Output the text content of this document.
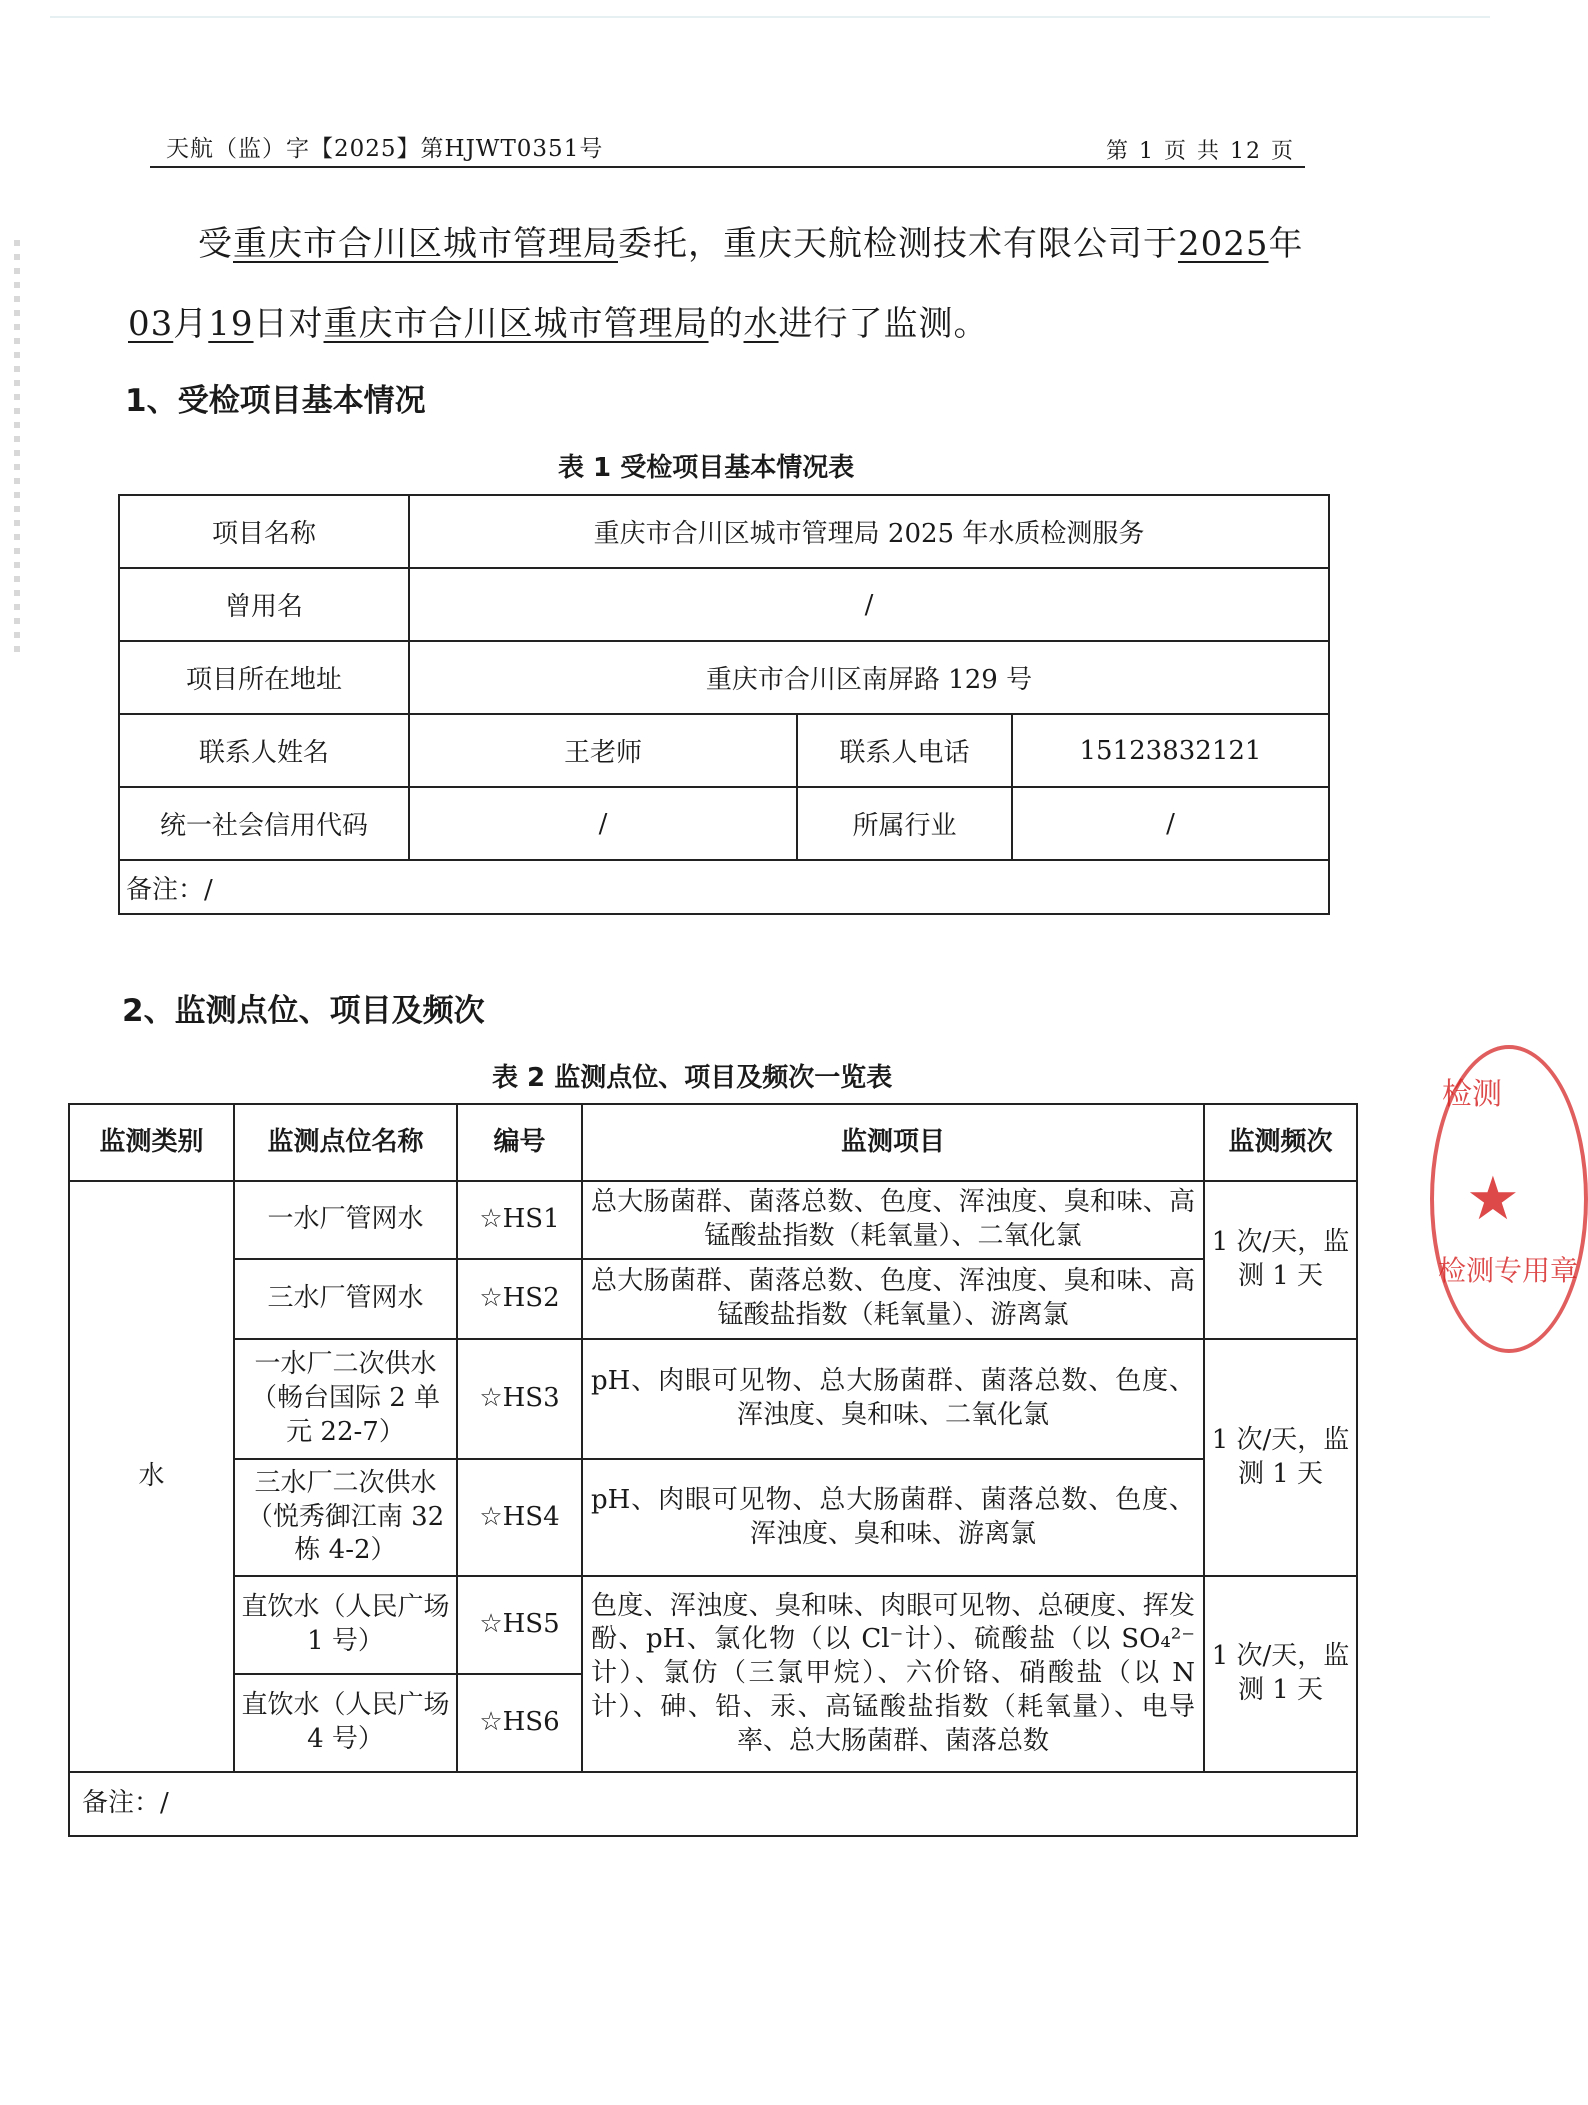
天航（监）字【2025】第HJWT0351号	第 1 页 共 12 页
受重庆市合川区城市管理局委托，重庆天航检测技术有限公司于2025年
03月19日对重庆市合川区城市管理局的水进行了监测。
1、受检项目基本情况
表 1 受检项目基本情况表
项目名称	重庆市合川区城市管理局 2025 年水质检测服务		
曾用名	/		
项目所在地址	重庆市合川区南屏路 129 号		
联系人姓名	王老师	联系人电话	15123832121
统一社会信用代码	/	所属行业	/
备注：/			
2、监测点位、项目及频次
表 2 监测点位、项目及频次一览表
监测类别	监测点位名称	编号	监测项目	监测频次
水	一水厂管网水	☆HS1	总大肠菌群、菌落总数、色度、浑浊度、臭和味、高锰酸盐指数（耗氧量）、二氧化氯	1 次/天，监测 1 天
	三水厂管网水	☆HS2	总大肠菌群、菌落总数、色度、浑浊度、臭和味、高锰酸盐指数（耗氧量）、游离氯	
	一水厂二次供水（畅台国际 2 单元 22-7）	☆HS3	pH、肉眼可见物、总大肠菌群、菌落总数、色度、浑浊度、臭和味、二氧化氯	1 次/天，监测 1 天
	三水厂二次供水（悦秀御江南 32 栋 4-2）	☆HS4	pH、肉眼可见物、总大肠菌群、菌落总数、色度、浑浊度、臭和味、游离氯	
	直饮水（人民广场 1 号）	☆HS5	色度、浑浊度、臭和味、肉眼可见物、总硬度、挥发酚、pH、氯化物（以 Cl⁻计）、硫酸盐（以 SO₄²⁻计）、氯仿（三氯甲烷）、六价铬、硝酸盐（以 N 计）、砷、铅、汞、高锰酸盐指数（耗氧量）、电导率、总大肠菌群、菌落总数	1 次/天，监测 1 天
	直饮水（人民广场 4 号）	☆HS6		
备注：/				
检测
★
检测专用章
